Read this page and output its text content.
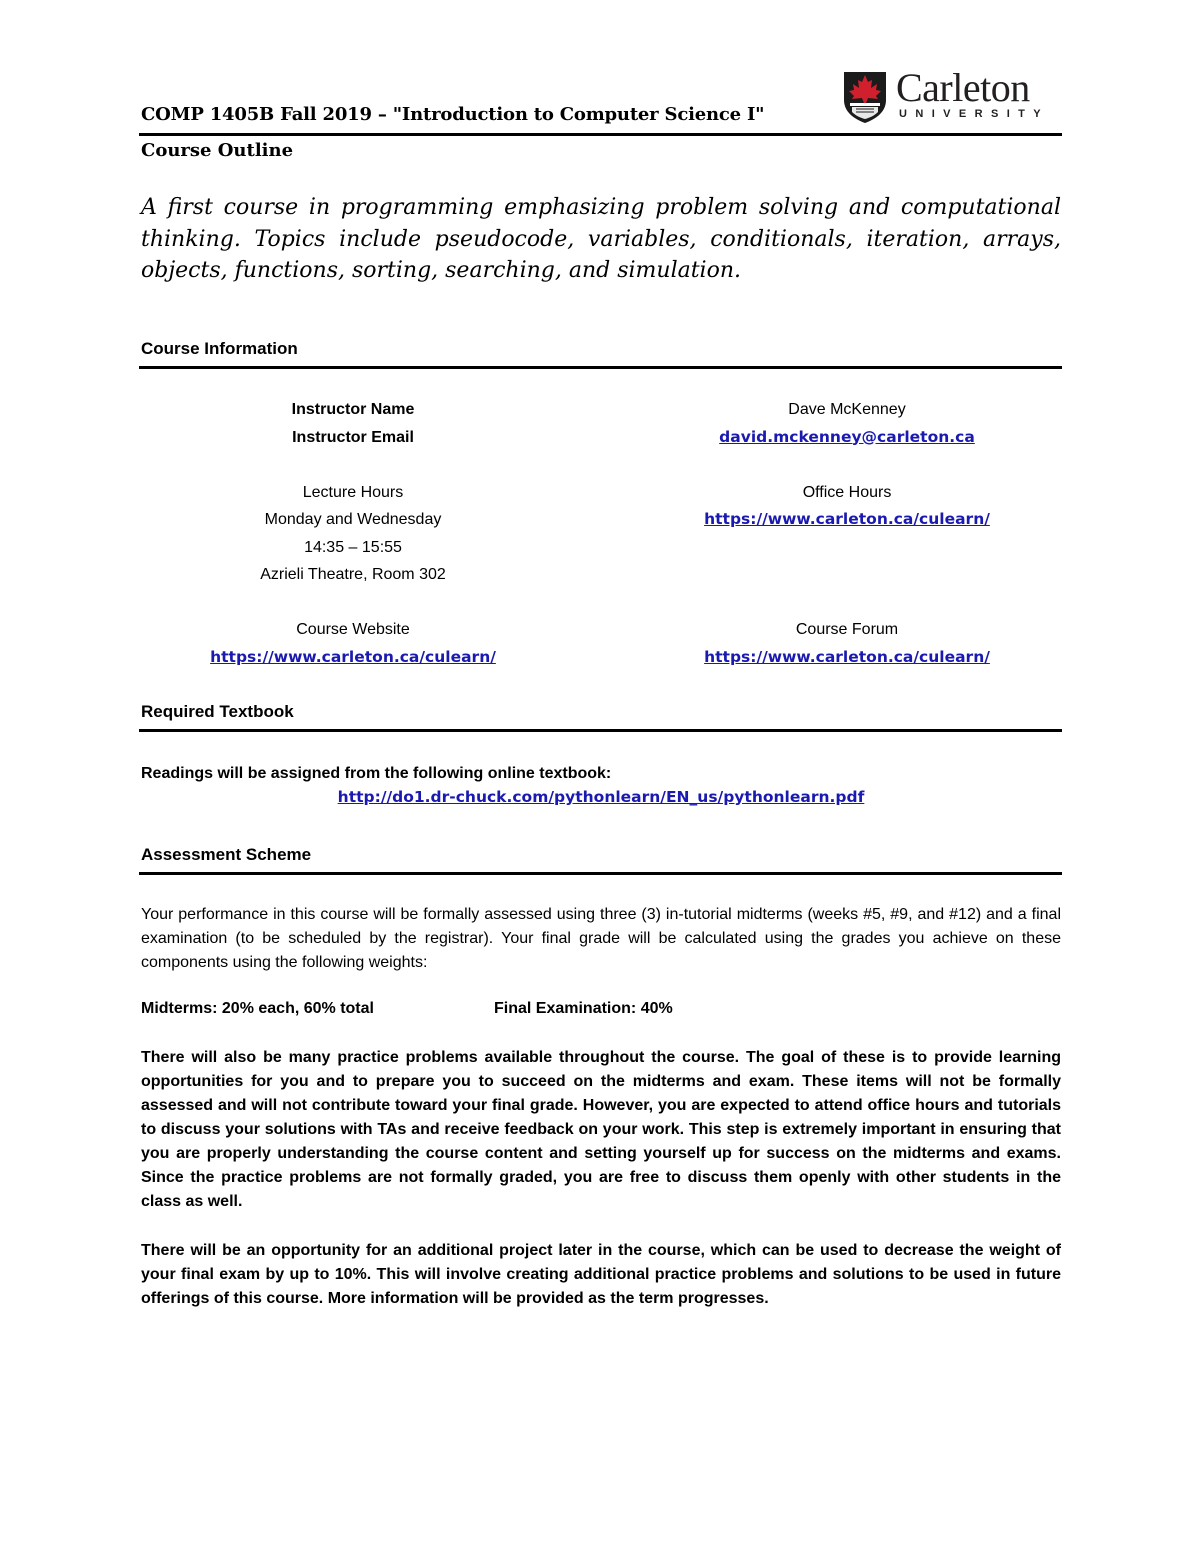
COMP 1405B Fall 2019 – "Introduction to Computer Science I"
Course Outline
Carleton
UNIVERSITY
A first course in programming emphasizing problem solving and computational thinking. Topics include pseudocode, variables, conditionals, iteration, arrays, objects, functions, sorting, searching, and simulation.
Course Information
Instructor Name
Instructor Email

Lecture Hours
Monday and Wednesday
14:35 – 15:55
Azrieli Theatre, Room 302
Dave McKenney
david.mckenney@carleton.ca

Office Hours
https://www.carleton.ca/culearn/
Course Website
https://www.carleton.ca/culearn/
Course Forum
https://www.carleton.ca/culearn/
Required Textbook
Readings will be assigned from the following online textbook:
http://do1.dr-chuck.com/pythonlearn/EN_us/pythonlearn.pdf
Assessment Scheme
Your performance in this course will be formally assessed using three (3) in-tutorial midterms (weeks #5, #9, and #12) and a final examination (to be scheduled by the registrar). Your final grade will be calculated using the grades you achieve on these components using the following weights:
Midterms: 20% each, 60% total	Final Examination: 40%
There will also be many practice problems available throughout the course. The goal of these is to provide learning opportunities for you and to prepare you to succeed on the midterms and exam. These items will not be formally assessed and will not contribute toward your final grade. However, you are expected to attend office hours and tutorials to discuss your solutions with TAs and receive feedback on your work. This step is extremely important in ensuring that you are properly understanding the course content and setting yourself up for success on the midterms and exams. Since the practice problems are not formally graded, you are free to discuss them openly with other students in the class as well.
There will be an opportunity for an additional project later in the course, which can be used to decrease the weight of your final exam by up to 10%. This will involve creating additional practice problems and solutions to be used in future offerings of this course. More information will be provided as the term progresses.
